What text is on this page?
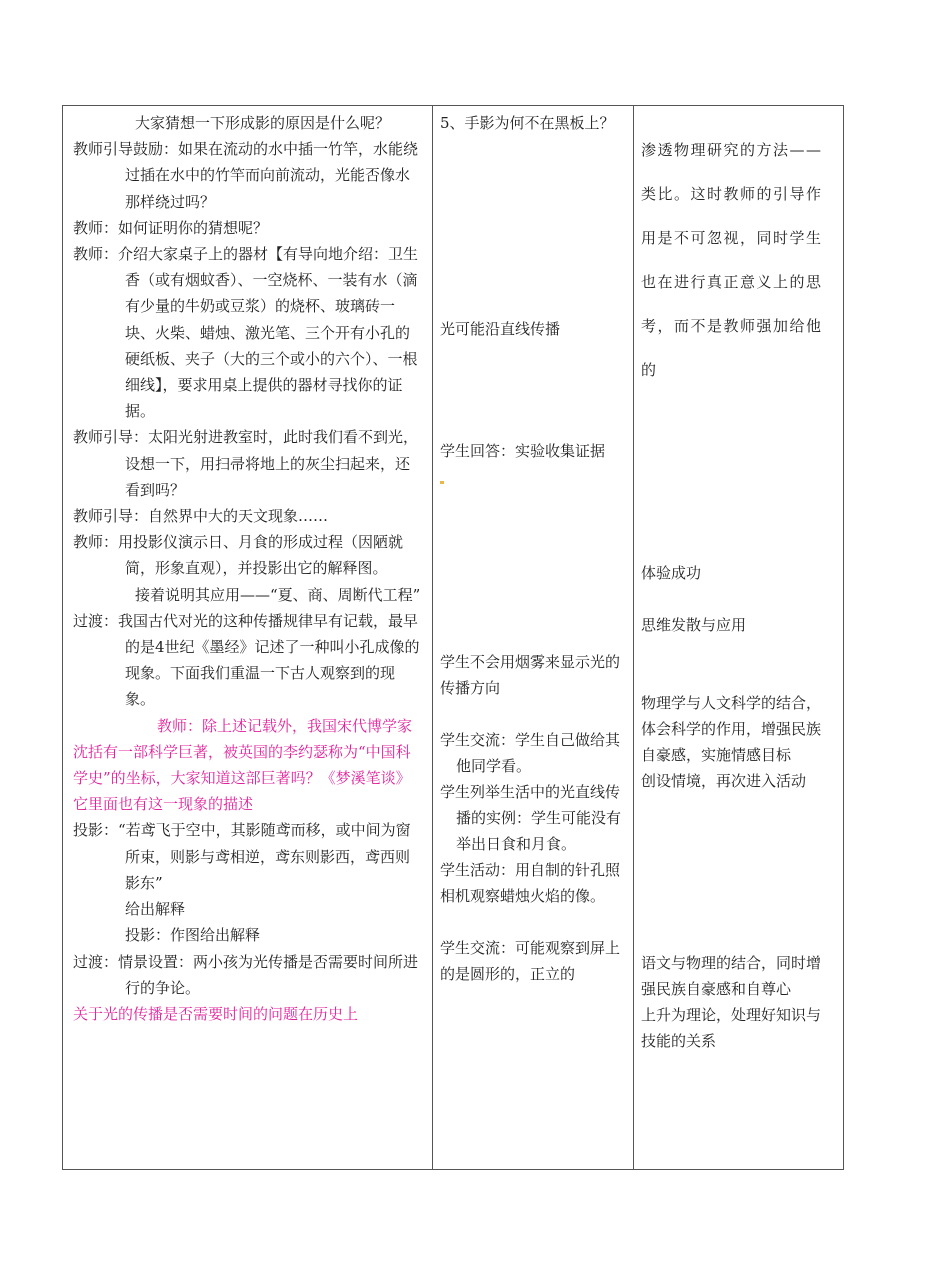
大家猜想一下形成影的原因是什么呢？

教师引导鼓励：如果在流动的水中插一竹竿，水能绕过插在水中的竹竿而向前流动，光能否像水那样绕过吗？

教师：如何证明你的猜想呢？

教师：介绍大家桌子上的器材【有导向地介绍：卫生香（或有烟蚊香）、一空烧杯、一装有水（滴有少量的牛奶或豆浆）的烧杯、玻璃砖一块、火柴、蜡烛、激光笔、三个开有小孔的硬纸板、夹子（大的三个或小的六个）、一根细线】，要求用桌上提供的器材寻找你的证据。

教师引导：太阳光射进教室时，此时我们看不到光，设想一下，用扫帚将地上的灰尘扫起来，还看到吗？

教师引导：自然界中大的天文现象……

教师：用投影仪演示日、月食的形成过程（因陋就简，形象直观），并投影出它的解释图。

接着说明其应用——“夏、商、周断代工程”

过渡：我国古代对光的这种传播规律早有记载，最早的是4世纪《墨经》记述了一种叫小孔成像的现象。下面我们重温一下古人观察到的现象。

教师：除上述记载外，我国宋代博学家沈括有一部科学巨著，被英国的李约瑟称为“中国科学史”的坐标，大家知道这部巨著吗？《梦溪笔谈》它里面也有这一现象的描述

投影：“若鸢飞于空中，其影随鸢而移，或中间为窗所束，则影与鸢相逆，鸢东则影西，鸢西则影东”

给出解释

投影：作图给出解释

过渡：情景设置：两小孩为光传播是否需要时间所进行的争论。

关于光的传播是否需要时间的问题在历史上

5、手影为何不在黑板上？

光可能沿直线传播

学生回答：实验收集证据

学生不会用烟雾来显示光的传播方向

学生交流：学生自己做给其他同学看。

学生列举生活中的光直线传播的实例：学生可能没有举出日食和月食。

学生活动：用自制的针孔照相机观察蜡烛火焰的像。

学生交流：可能观察到屏上的是圆形的，正立的

渗透物理研究的方法——类比。这时教师的引导作用是不可忽视，同时学生也在进行真正意义上的思考，而不是教师强加给他的

体验成功

思维发散与应用

物理学与人文科学的结合，体会科学的作用，增强民族自豪感，实施情感目标

创设情境，再次进入活动

语文与物理的结合，同时增强民族自豪感和自尊心

上升为理论，处理好知识与技能的关系
